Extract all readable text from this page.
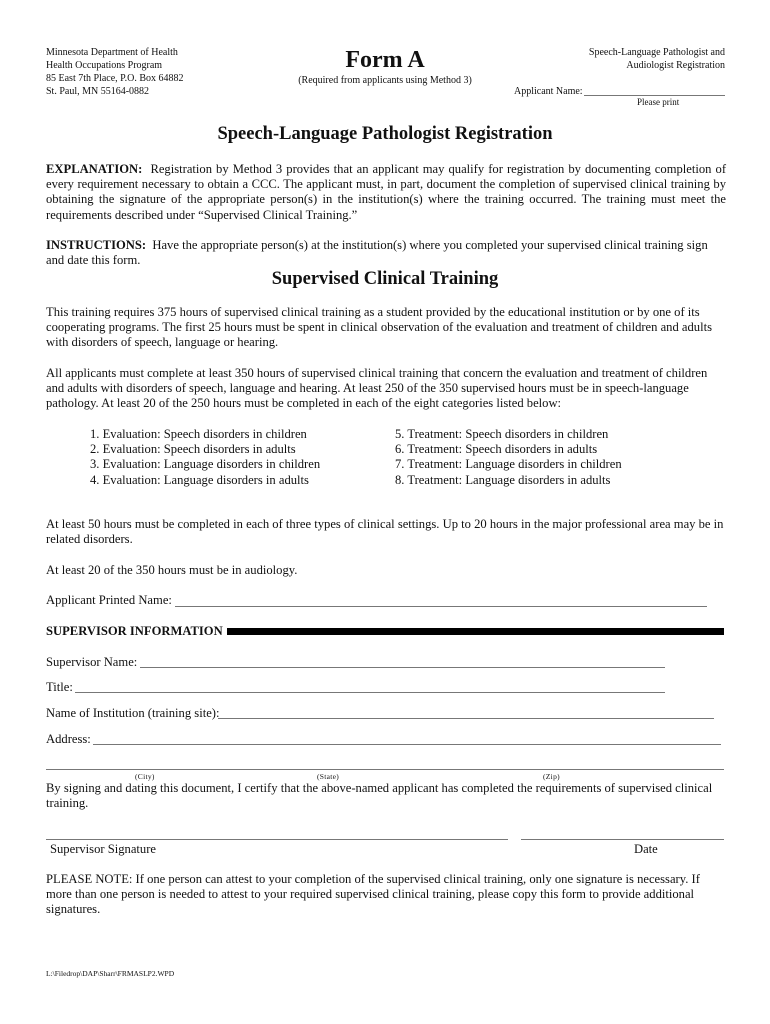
Minnesota Department of Health
Health Occupations Program
85 East 7th Place, P.O. Box 64882
St. Paul, MN 55164-0882
Form A
(Required from applicants using Method 3)
Speech-Language Pathologist and
Audiologist Registration
Applicant Name:
Please print
Speech-Language Pathologist Registration
EXPLANATION: Registration by Method 3 provides that an applicant may qualify for registration by documenting completion of every requirement necessary to obtain a CCC. The applicant must, in part, document the completion of supervised clinical training by obtaining the signature of the appropriate person(s) in the institution(s) where the training occurred. The training must meet the requirements described under “Supervised Clinical Training.”
INSTRUCTIONS: Have the appropriate person(s) at the institution(s) where you completed your supervised clinical training sign and date this form.
Supervised Clinical Training
This training requires 375 hours of supervised clinical training as a student provided by the educational institution or by one of its cooperating programs. The first 25 hours must be spent in clinical observation of the evaluation and treatment of children and adults with disorders of speech, language or hearing.
All applicants must complete at least 350 hours of supervised clinical training that concern the evaluation and treatment of children and adults with disorders of speech, language and hearing. At least 250 of the 350 supervised hours must be in speech-language pathology. At least 20 of the 250 hours must be completed in each of the eight categories listed below:
1. Evaluation: Speech disorders in children
2. Evaluation: Speech disorders in adults
3. Evaluation: Language disorders in children
4. Evaluation: Language disorders in adults
5. Treatment: Speech disorders in children
6. Treatment: Speech disorders in adults
7. Treatment: Language disorders in children
8. Treatment: Language disorders in adults
At least 50 hours must be completed in each of three types of clinical settings. Up to 20 hours in the major professional area may be in related disorders.
At least 20 of the 350 hours must be in audiology.
Applicant Printed Name:
SUPERVISOR INFORMATION
Supervisor Name:
Title:
Name of Institution (training site):
Address:
(City)	(State)	(Zip)
By signing and dating this document, I certify that the above-named applicant has completed the requirements of supervised clinical training.
Supervisor Signature	Date
PLEASE NOTE: If one person can attest to your completion of the supervised clinical training, only one signature is necessary. If more than one person is needed to attest to your required supervised clinical training, please copy this form to provide additional signatures.
L:\Filedrop\DAP\Sharr\FRMASLP2.WPD
